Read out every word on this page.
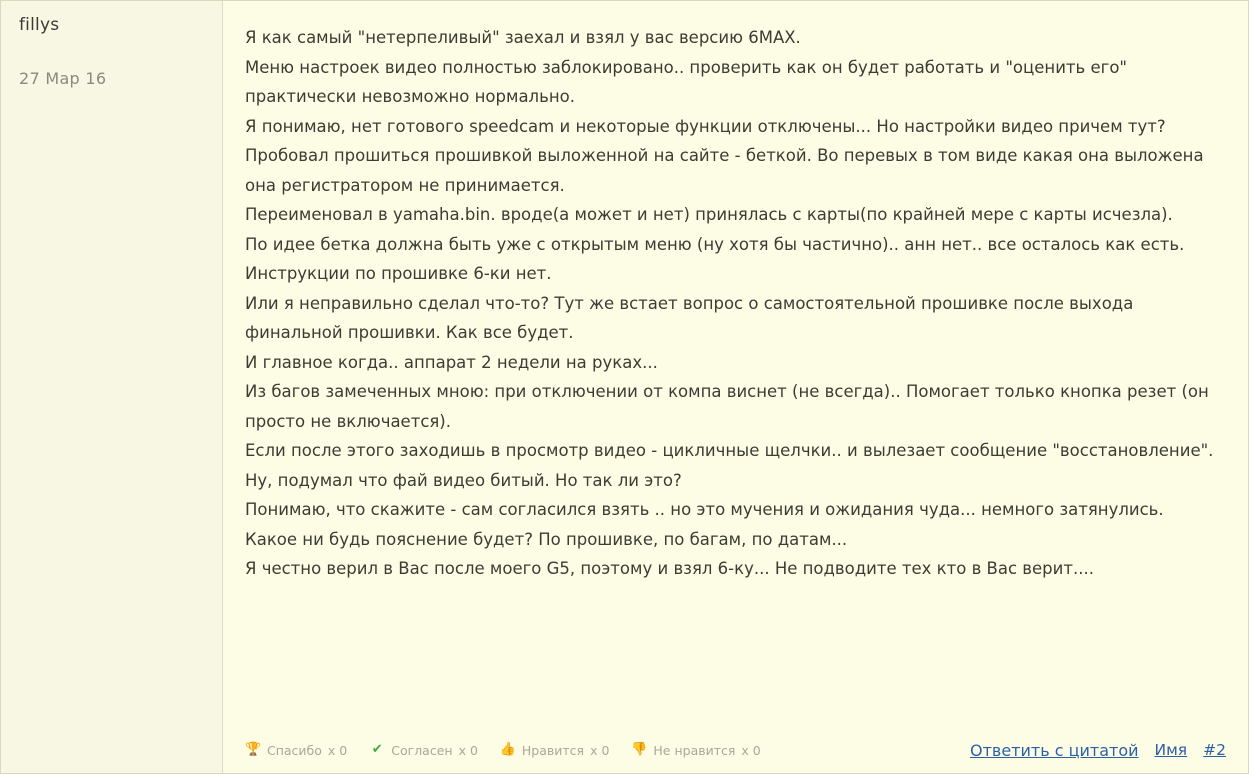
fillys
27 Мар 16

Я как самый "нетерпеливый" заехал и взял у вас версию 6MAX.

Меню настроек видео полностью заблокировано.. проверить как он будет работать и "оценить его" практически невозможно нормально.

Я понимаю, нет готового speedcam и некоторые функции отключены... Но настройки видео причем тут?

Пробовал прошиться прошивкой выложенной на сайте - беткой. Во перевых в том виде какая она выложена она регистратором не принимается.

Переименовал в yamaha.bin. вроде(а может и нет) принялась с карты(по крайней мере с карты исчезла).

По идее бетка должна быть уже с открытым меню (ну хотя бы частично).. анн нет.. все осталось как есть.

Инструкции по прошивке 6-ки нет.

Или я неправильно сделал что-то? Тут же встает вопрос о самостоятельной прошивке после выхода финальной прошивки. Как все будет.

И главное когда.. аппарат 2 недели на руках...

Из багов замеченных мною: при отключении от компа виснет (не всегда).. Помогает только кнопка резет (он просто не включается).

Если после этого заходишь в просмотр видео - цикличные щелчки.. и вылезает сообщение "восстановление".

Ну, подумал что фай видео битый. Но так ли это?

Понимаю, что скажите - сам согласился взять .. но это мучения и ожидания чуда... немного затянулись.

Какое ни будь пояснение будет? По прошивке, по багам, по датам...

Я честно верил в Вас после моего G5, поэтому и взял 6-ку... Не подводите тех кто в Вас верит....

🏆 Спасибо x 0 ✔ Согласен x 0 👍 Нравится x 0 👎 Не нравится x 0	Ответить с цитатой Имя #2
